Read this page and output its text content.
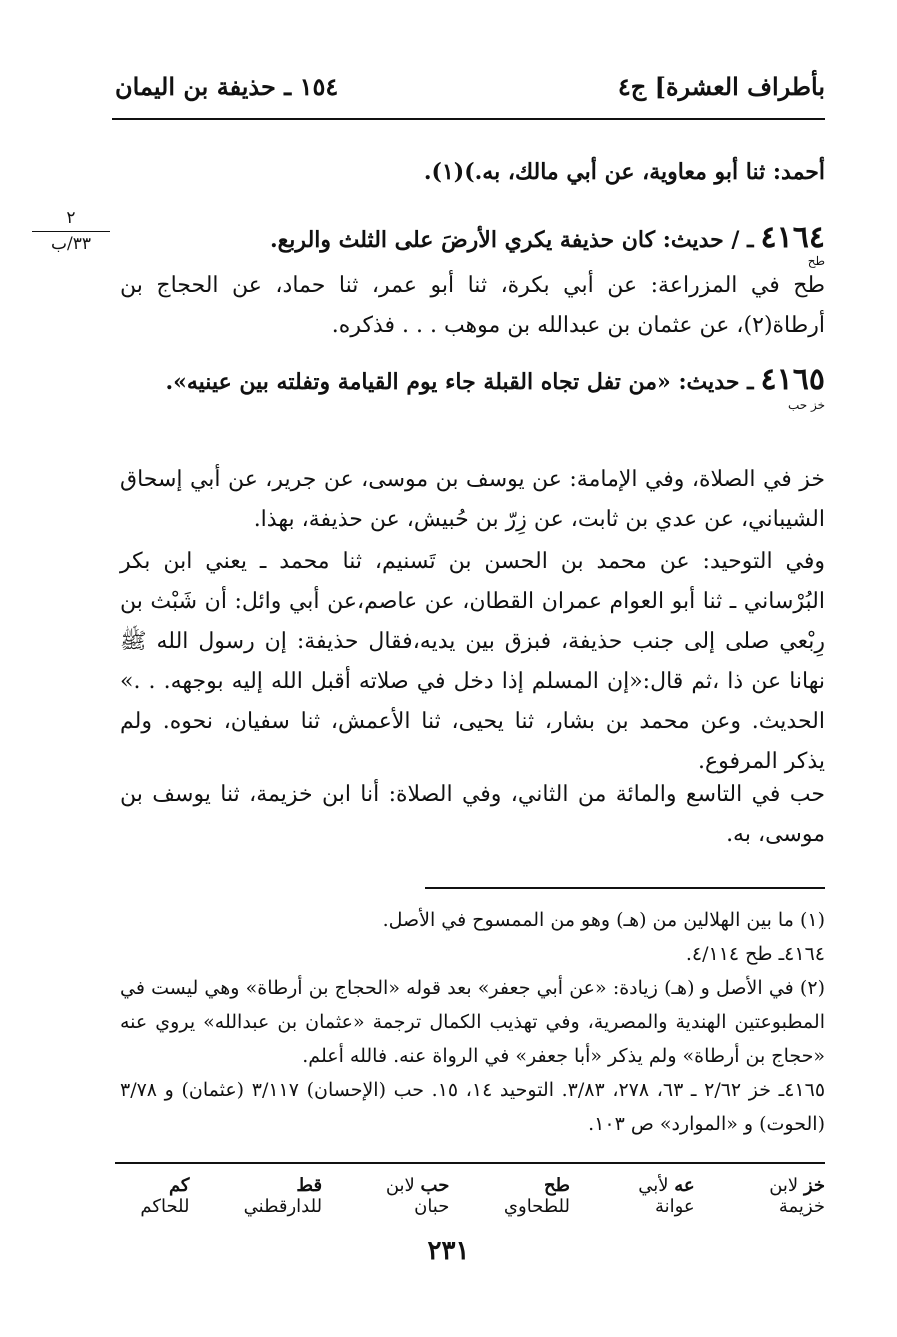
بأطراف العشرة] ج٤
١٥٤ ـ حذيفة بن اليمان
٢
٣٣/ب
أحمد: ثنا أبو معاوية، عن أبي مالك، به.)(١).
٤١٦٤ ـ / حديث: كان حذيفة يكري الأرضَ على الثلث والربع.
طح
طح في المزراعة: عن أبي بكرة، ثنا أبو عمر، ثنا حماد، عن الحجاج بن أرطاة(٢)، عن عثمان بن عبدالله بن موهب . . . فذكره.
٤١٦٥ ـ حديث: «من تفل تجاه القبلة جاء يوم القيامة وتفلته بين عينيه».
خز حب
خز في الصلاة، وفي الإمامة: عن يوسف بن موسى، عن جرير، عن أبي إسحاق الشيباني، عن عدي بن ثابت، عن زِرّ بن حُبيش، عن حذيفة، بهذا.
وفي التوحيد: عن محمد بن الحسن بن تَسنيم، ثنا محمد ـ يعني ابن بكر البُرْساني ـ ثنا أبو العوام عمران القطان، عن عاصم،عن أبي وائل: أن شَبْث بن رِبْعي صلى إلى جنب حذيفة، فبزق بين يديه،فقال حذيفة: إن رسول الله ﷺ نهانا عن ذا ،ثم قال:«إن المسلم إذا دخل في صلاته أقبل الله إليه بوجهه. . .» الحديث. وعن محمد بن بشار، ثنا يحيى، ثنا الأعمش، ثنا سفيان، نحوه. ولم يذكر المرفوع.
حب في التاسع والمائة من الثاني، وفي الصلاة: أنا ابن خزيمة، ثنا يوسف بن موسى، به.

(١) ما بين الهلالين من (هـ) وهو من الممسوح في الأصل.

٤١٦٤ـ طح ٤/١١٤.

(٢) في الأصل و (هـ) زيادة: «عن أبي جعفر» بعد قوله «الحجاج بن أرطاة» وهي ليست في المطبوعتين الهندية والمصرية، وفي تهذيب الكمال ترجمة «عثمان بن عبدالله» يروي عنه «حجاج بن أرطاة» ولم يذكر «أبا جعفر» في الرواة عنه. فالله أعلم.

٤١٦٥ـ خز ٢/٦٢ ـ ٦٣، ٢٧٨، ٣/٨٣. التوحيد ١٤، ١٥. حب (الإحسان) ٣/١١٧ (عثمان) و ٣/٧٨ (الحوت) و «الموارد» ص ١٠٣.

خز لابن خزيمة
عه لأبي عوانة
طح للطحاوي
حب لابن حبان
قط للدارقطني
كم للحاكم
٢٣١
